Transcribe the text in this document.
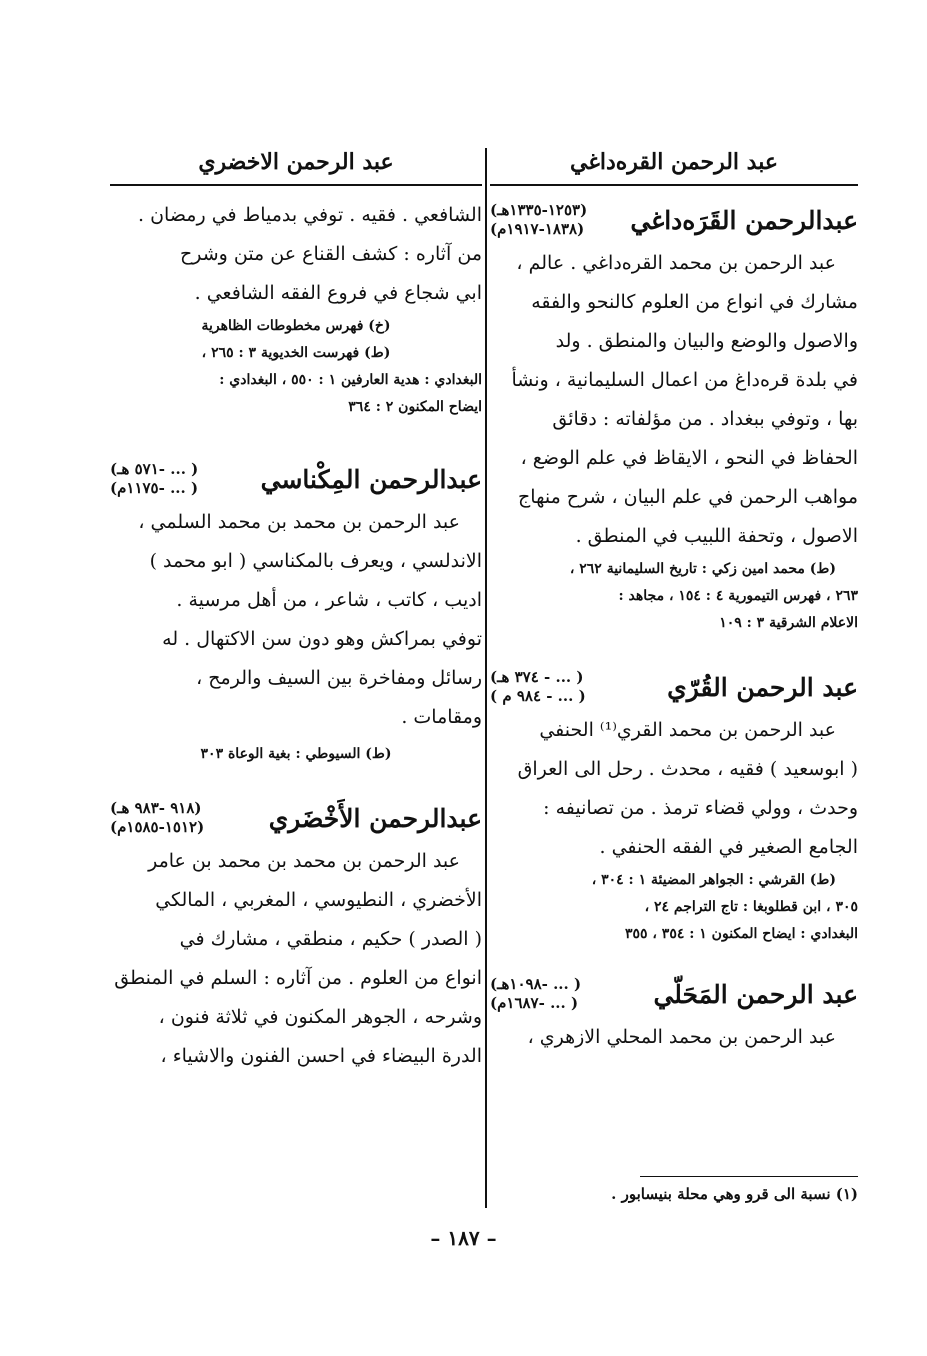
عبد الرحمن القره‌داغي
عبدالرحمن القَرَه‌داغي
(١٢٥٣-١٣٣٥هـ)
(١٨٣٨-١٩١٧م)
عبد الرحمن بن محمد القره‌داغي . عالم ،
مشارك في انواع من العلوم كالنحو والفقه
والاصول والوضع والبيان والمنطق . ولد
في بلدة قره‌داغ من اعمال السليمانية ، ونشأ
بها ، وتوفي ببغداد . من مؤلفاته : دقائق
الحفاظ في النحو ، الايقاظ في علم الوضع ،
مواهب الرحمن في علم البيان ، شرح منهاج
الاصول ، وتحفة اللبيب في المنطق .
(ط) محمد امين زكي : تاريخ السليمانية ٢٦٢ ،
٢٦٣ ، فهرس التيمورية ٤ : ١٥٤ ، مجاهد :
الاعلام الشرقية ٣ : ١٠٩
عبد الرحمن القُرّي
( ... - ٣٧٤ هـ)
( ... - ٩٨٤ م )
عبد الرحمن بن محمد القري⁽¹⁾ الحنفي
( ابوسعيد ) فقيه ، محدث . رحل الى العراق
وحدث ، وولي قضاء ترمذ . من تصانيفه :
الجامع الصغير في الفقه الحنفي .
(ط) القرشي : الجواهر المضيئة ١ : ٣٠٤ ،
٣٠٥ ، ابن قطلوبغا : تاج التراجم ٢٤ ،
البغدادي : ايضاح المكنون ١ : ٣٥٤ ، ٣٥٥
عبد الرحمن المَحَلّي
( ... -١٠٩٨هـ)
( ... -١٦٨٧م)
عبد الرحمن بن محمد المحلي الازهري ،
عبد الرحمن الاخضري
الشافعي . فقيه . توفي بدمياط في رمضان .
من آثاره : كشف القناع عن متن وشرح
ابي شجاع في فروع الفقه الشافعي .
(خ) فهرس مخطوطات الظاهرية
(ط) فهرست الخديوية ٣ : ٢٦٥ ،
البغدادي : هدية العارفين ١ : ٥٥٠ ، البغدادي :
ايضاح المكنون ٢ : ٣٦٤
عبدالرحمن المِكْناسي
( ... -٥٧١ هـ)
( ... -١١٧٥م)
عبد الرحمن بن محمد بن محمد السلمي ،
الاندلسي ، ويعرف بالمكناسي ( ابو محمد )
اديب ، كاتب ، شاعر ، من أهل مرسية .
توفي بمراكش وهو دون سن الاكتهال . له
رسائل ومفاخرة بين السيف والرمح ،
ومقامات .
(ط) السيوطي : بغية الوعاة ٣٠٣
عبدالرحمن الأَخْضَري
(٩١٨ -٩٨٣ هـ)
(١٥١٢-١٥٨٥م)
عبد الرحمن بن محمد بن محمد بن عامر
الأخضري ، النطيوسي ، المغربي ، المالكي
( الصدر ) حكيم ، منطقي ، مشارك في
انواع من العلوم . من آثاره : السلم في المنطق
وشرحه ، الجوهر المكنون في ثلاثة فنون ،
الدرة البيضاء في احسن الفنون والاشياء ،
(١) نسبة الى قرو وهي محلة بنيسابور .
– ١٨٧ –
